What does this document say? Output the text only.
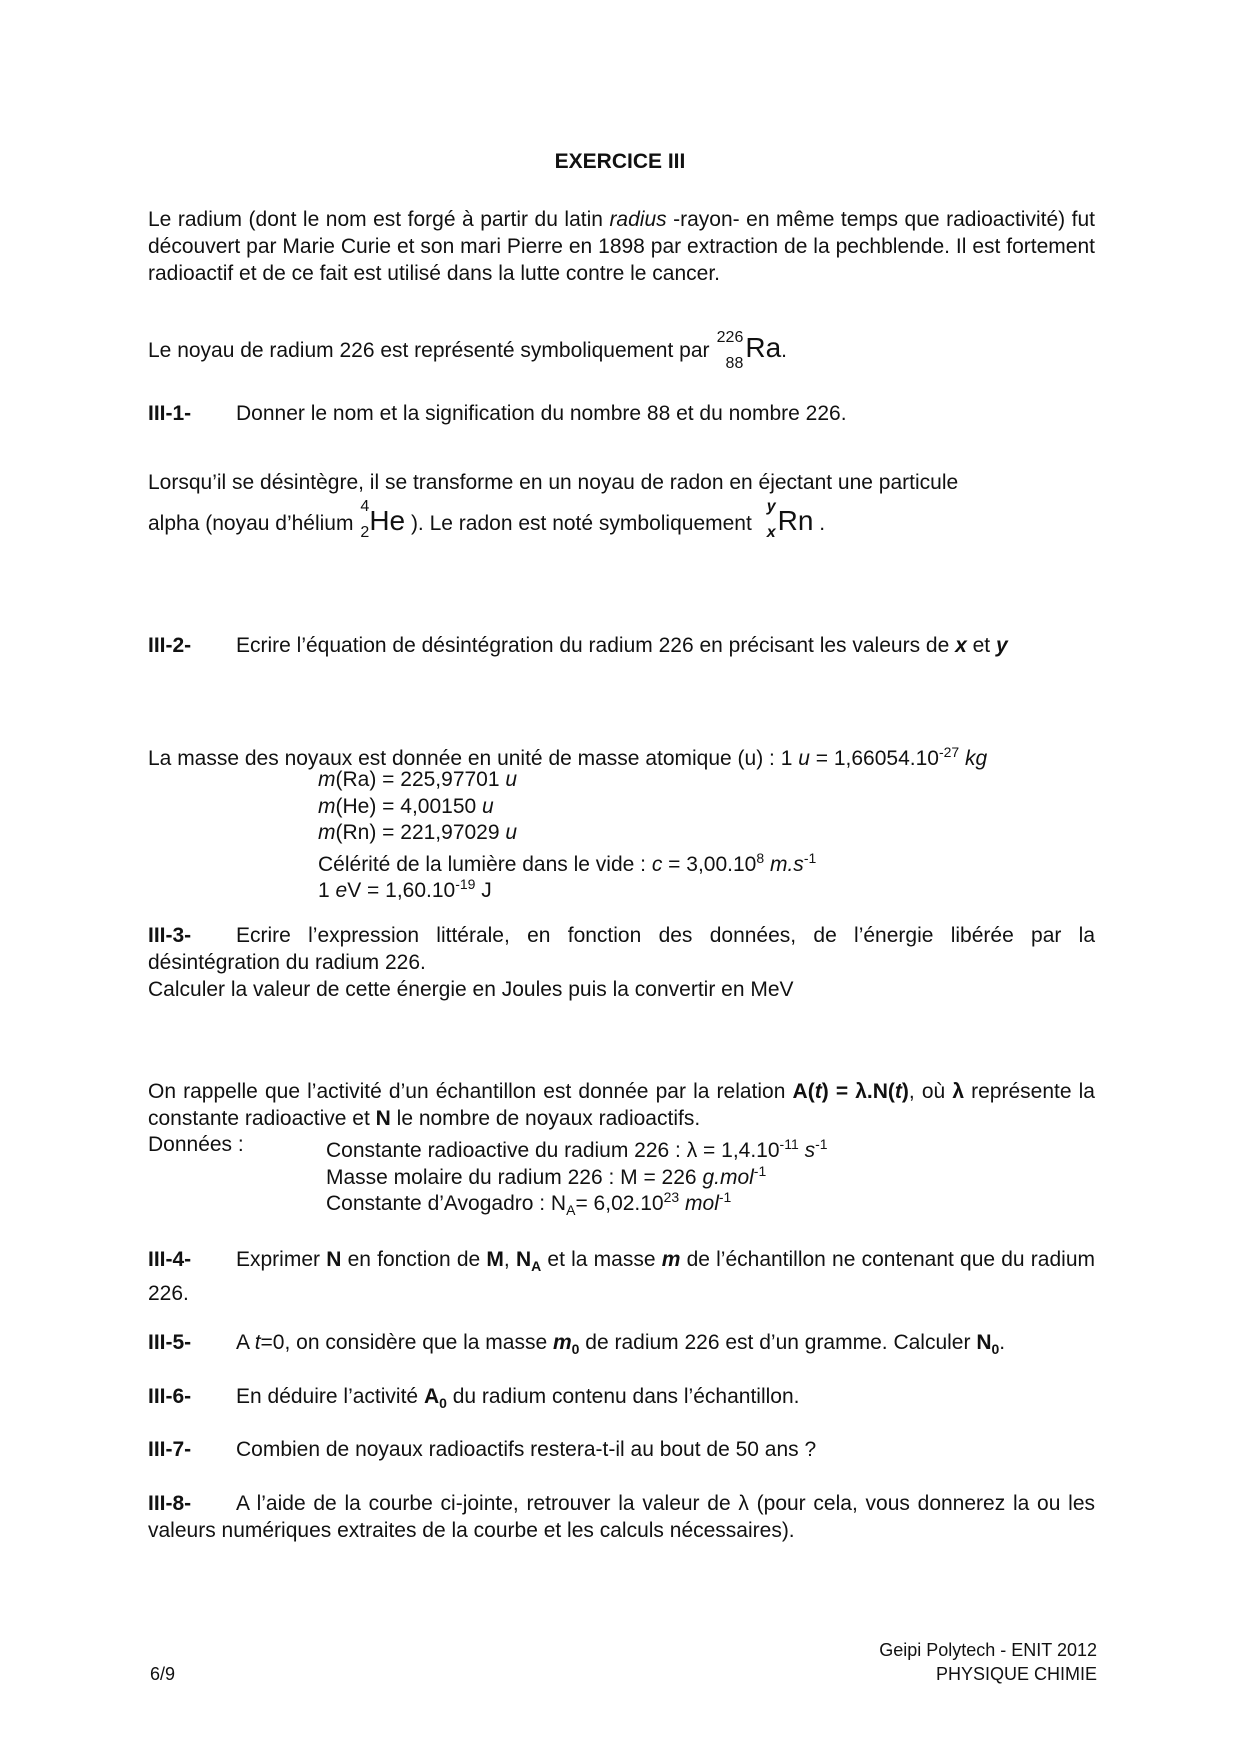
EXERCICE III

Le radium (dont le nom est forgé à partir du latin radius -rayon- en même temps que radioactivité) fut découvert par Marie Curie et son mari Pierre en 1898 par extraction de la pechblende. Il est fortement radioactif et de ce fait est utilisé dans la lutte contre le cancer.

Le noyau de radium 226 est représenté symboliquement par
226
88
Ra.

III-1- Donner le nom et la signification du nombre 88 et du nombre 226.

Lorsqu’il se désintègre, il se transforme en un noyau de radon en éjectant une particule

alpha (noyau d’hélium
4
2 He ). Le radon est noté symboliquement
y
x Rn .

III-2- Ecrire l’équation de désintégration du radium 226 en précisant les valeurs de x et y

La masse des noyaux est donnée en unité de masse atomique (u) : 1 $u = 1,66054.10^{-27}$ kg

m(Ra) = 225,97701 u

m(He) = 4,00150 u

m(Rn) = 221,97029 u

Célérité de la lumière dans le vide : $c = 3,00.10^8$ $m.s^{-1}$

1 eV = $1,60.10^{-19}$ J

III-3- Ecrire l’expression littérale, en fonction des données, de l’énergie libérée par la désintégration du radium 226.
Calculer la valeur de cette énergie en Joules puis la convertir en MeV

On rappelle que l’activité d’un échantillon est donnée par la relation A(t) = λ.N(t), où λ représente la constante radioactive et N le nombre de noyaux radioactifs.

Données :	Constante radioactive du radium 226 : $\lambda = 1,4.10^{-11}$ $s^{-1}$

Masse molaire du radium 226 : M = 226 g.mol$^{-1}$

Constante d’Avogadro : $N_A= 6,02.10^{23}$ mol$^{-1}$

III-4- Exprimer N en fonction de M, $N_A$ et la masse m de l’échantillon ne contenant que du radium 226.

III-5- A t=0, on considère que la masse $m_0$ de radium 226 est d’un gramme. Calculer $N_0$.

III-6- En déduire l’activité $A_0$ du radium contenu dans l’échantillon.

III-7- Combien de noyaux radioactifs restera-t-il au bout de 50 ans ?

III-8- A l’aide de la courbe ci-jointe, retrouver la valeur de λ (pour cela, vous donnerez la ou les valeurs numériques extraites de la courbe et les calculs nécessaires).

6/9
Geipi Polytech - ENIT 2012
PHYSIQUE CHIMIE
